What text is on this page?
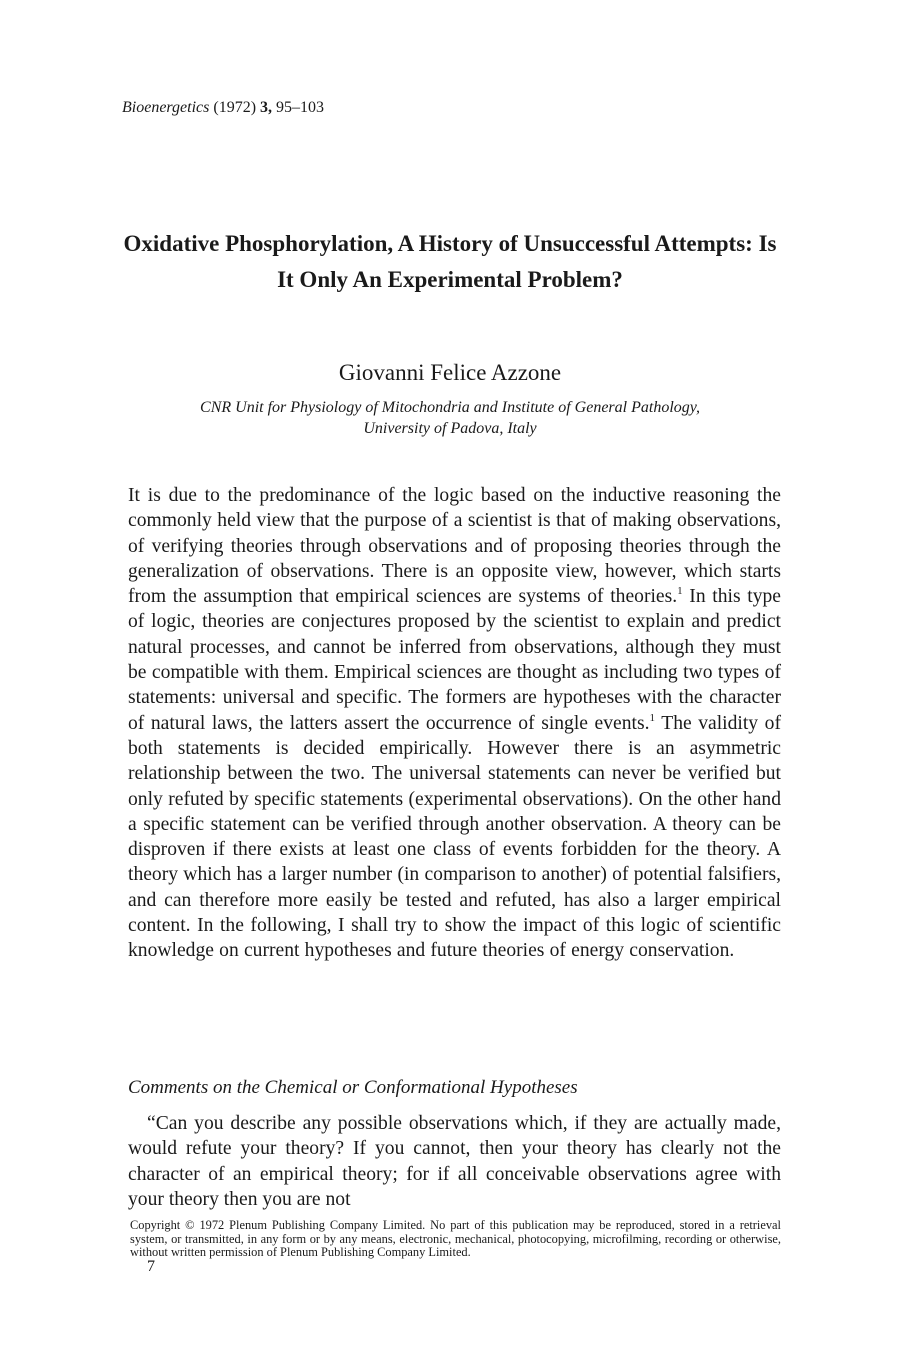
Bioenergetics (1972) 3, 95–103
Oxidative Phosphorylation, A History of Unsuccessful Attempts: Is It Only An Experimental Problem?
Giovanni Felice Azzone
CNR Unit for Physiology of Mitochondria and Institute of General Pathology,
University of Padova, Italy
It is due to the predominance of the logic based on the inductive reasoning the commonly held view that the purpose of a scientist is that of making observations, of verifying theories through observations and of proposing theories through the generalization of observations. There is an opposite view, however, which starts from the assumption that empirical sciences are systems of theories.$^1$ In this type of logic, theories are conjectures proposed by the scientist to explain and predict natural processes, and cannot be inferred from observations, although they must be compatible with them. Empirical sciences are thought as including two types of statements: universal and specific. The formers are hypotheses with the character of natural laws, the latters assert the occurrence of single events.$^1$ The validity of both statements is decided empirically. However there is an asymmetric relationship between the two. The universal statements can never be verified but only refuted by specific statements (experimental observations). On the other hand a specific statement can be verified through another observation. A theory can be disproven if there exists at least one class of events forbidden for the theory. A theory which has a larger number (in comparison to another) of potential falsifiers, and can therefore more easily be tested and refuted, has also a larger empirical content. In the following, I shall try to show the impact of this logic of scientific knowledge on current hypotheses and future theories of energy conservation.
Comments on the Chemical or Conformational Hypotheses
“Can you describe any possible observations which, if they are actually made, would refute your theory? If you cannot, then your theory has clearly not the character of an empirical theory; for if all conceivable observations agree with your theory then you are not
Copyright © 1972 Plenum Publishing Company Limited. No part of this publication may be reproduced, stored in a retrieval system, or transmitted, in any form or by any means, electronic, mechanical, photocopying, microfilming, recording or otherwise, without written permission of Plenum Publishing Company Limited.
7
